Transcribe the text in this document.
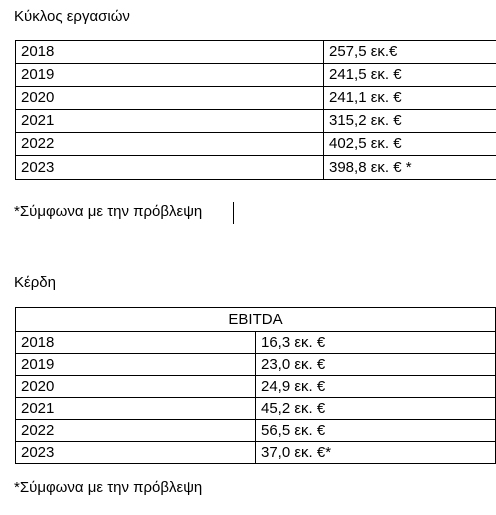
Κύκλος εργασιών
2018	257,5 εκ.€
2019	241,5 εκ. €
2020	241,1 εκ. €
2021	315,2 εκ. €
2022	402,5 εκ. €
2023	398,8 εκ. € *
*Σύμφωνα με την πρόβλεψη
Κέρδη
EBITDA	
2018	16,3 εκ. €
2019	23,0 εκ. €
2020	24,9 εκ. €
2021	45,2 εκ. €
2022	56,5 εκ. €
2023	37,0 εκ. €*
*Σύμφωνα με την πρόβλεψη
